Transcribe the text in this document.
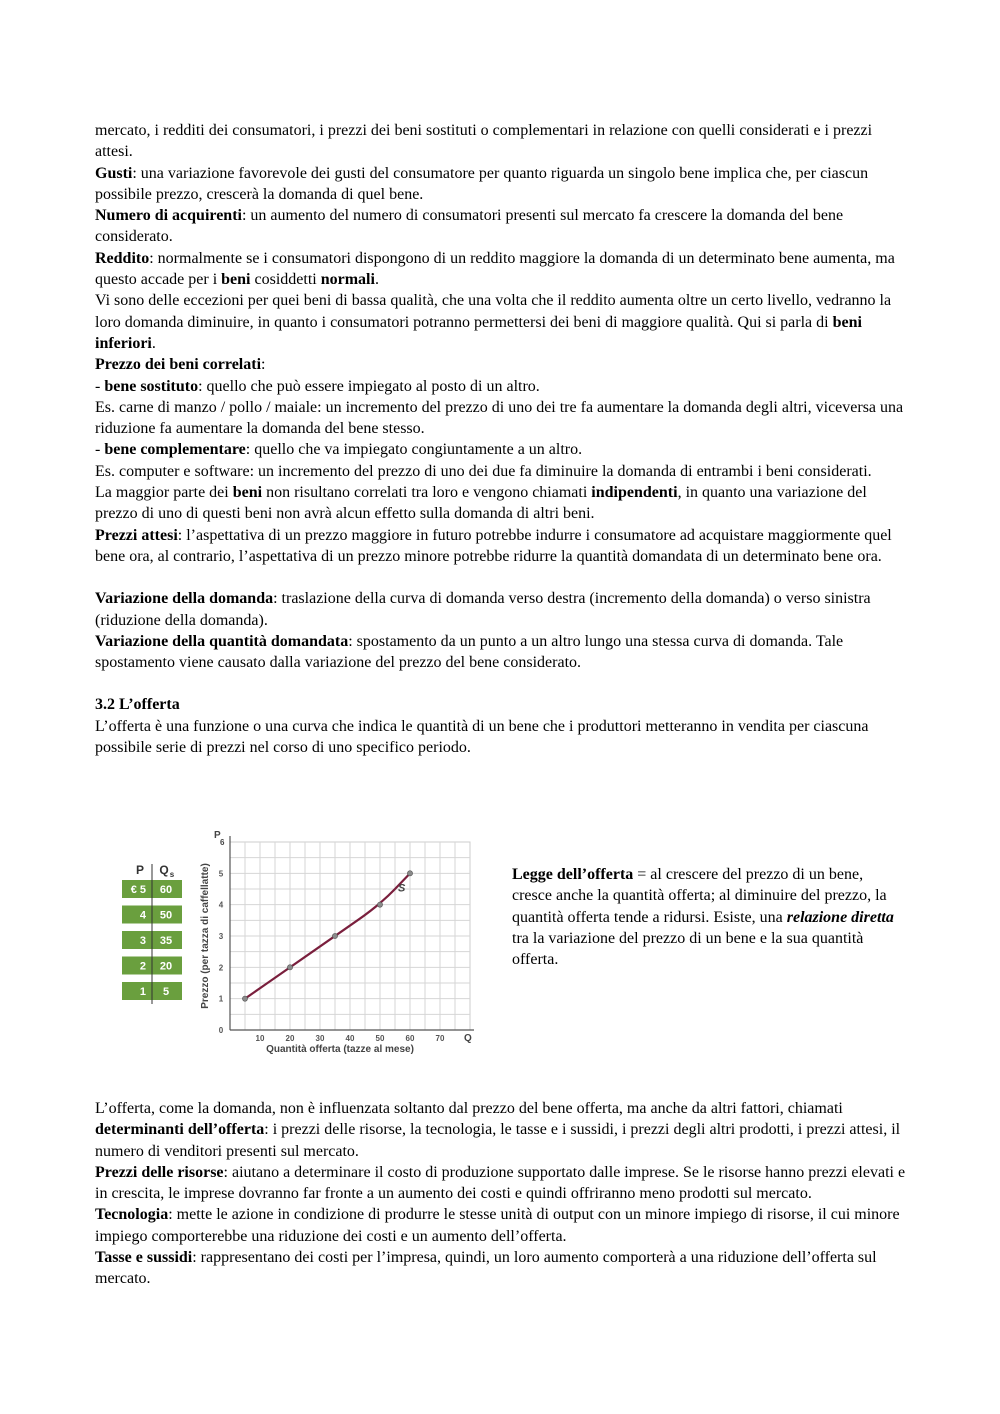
mercato, i redditi dei consumatori, i prezzi dei beni sostituti o complementari in relazione con quelli considerati e i prezzi attesi.

Gusti: una variazione favorevole dei gusti del consumatore per quanto riguarda un singolo bene implica che, per ciascun possibile prezzo, crescerà la domanda di quel bene.

Numero di acquirenti: un aumento del numero di consumatori presenti sul mercato fa crescere la domanda del bene considerato.

Reddito: normalmente se i consumatori dispongono di un reddito maggiore la domanda di un determinato bene aumenta, ma questo accade per i beni cosiddetti normali.

Vi sono delle eccezioni per quei beni di bassa qualità, che una volta che il reddito aumenta oltre un certo livello, vedranno la loro domanda diminuire, in quanto i consumatori potranno permettersi dei beni di maggiore qualità. Qui si parla di beni inferiori.

Prezzo dei beni correlati:

- bene sostituto: quello che può essere impiegato al posto di un altro.

Es. carne di manzo / pollo / maiale: un incremento del prezzo di uno dei tre fa aumentare la domanda degli altri, viceversa una riduzione fa aumentare la domanda del bene stesso.

- bene complementare: quello che va impiegato congiuntamente a un altro.

Es. computer e software: un incremento del prezzo di uno dei due fa diminuire la domanda di entrambi i beni considerati.

La maggior parte dei beni non risultano correlati tra loro e vengono chiamati indipendenti, in quanto una variazione del prezzo di uno di questi beni non avrà alcun effetto sulla domanda di altri beni.

Prezzi attesi: l’aspettativa di un prezzo maggiore in futuro potrebbe indurre i consumatore ad acquistare maggiormente quel bene ora, al contrario, l’aspettativa di un prezzo minore potrebbe ridurre la quantità domandata di un determinato bene ora.

Variazione della domanda: traslazione della curva di domanda verso destra (incremento della domanda) o verso sinistra (riduzione della domanda).

Variazione della quantità domandata: spostamento da un punto a un altro lungo una stessa curva di domanda. Tale spostamento viene causato dalla variazione del prezzo del bene considerato.

3.2 L’offerta

L’offerta è una funzione o una curva che indica le quantità di un bene che i produttori metteranno in vendita per ciascuna possibile serie di prezzi nel corso di uno specifico periodo.

P Q s
€ 5 60
4 50
3 35
2 20
1 5
10	20	30	40	50	60	70
0
1
2
3
4
5
S
Quantità offerta (tazze al mese)
Prezzo (per tazza di caffellatte)
Q
P
6
Legge dell’offerta = al crescere del prezzo di un bene, cresce anche la quantità offerta; al diminuire del prezzo, la quantità offerta tende a ridursi. Esiste, una relazione diretta tra la variazione del prezzo di un bene e la sua quantità offerta.

L’offerta, come la domanda, non è influenzata soltanto dal prezzo del bene offerta, ma anche da altri fattori, chiamati determinanti dell’offerta: i prezzi delle risorse, la tecnologia, le tasse e i sussidi, i prezzi degli altri prodotti, i prezzi attesi, il numero di venditori presenti sul mercato.

Prezzi delle risorse: aiutano a determinare il costo di produzione supportato dalle imprese. Se le risorse hanno prezzi elevati e in crescita, le imprese dovranno far fronte a un aumento dei costi e quindi offriranno meno prodotti sul mercato.

Tecnologia: mette le azione in condizione di produrre le stesse unità di output con un minore impiego di risorse, il cui minore impiego comporterebbe una riduzione dei costi e un aumento dell’offerta.

Tasse e sussidi: rappresentano dei costi per l’impresa, quindi, un loro aumento comporterà a una riduzione dell’offerta sul mercato.
